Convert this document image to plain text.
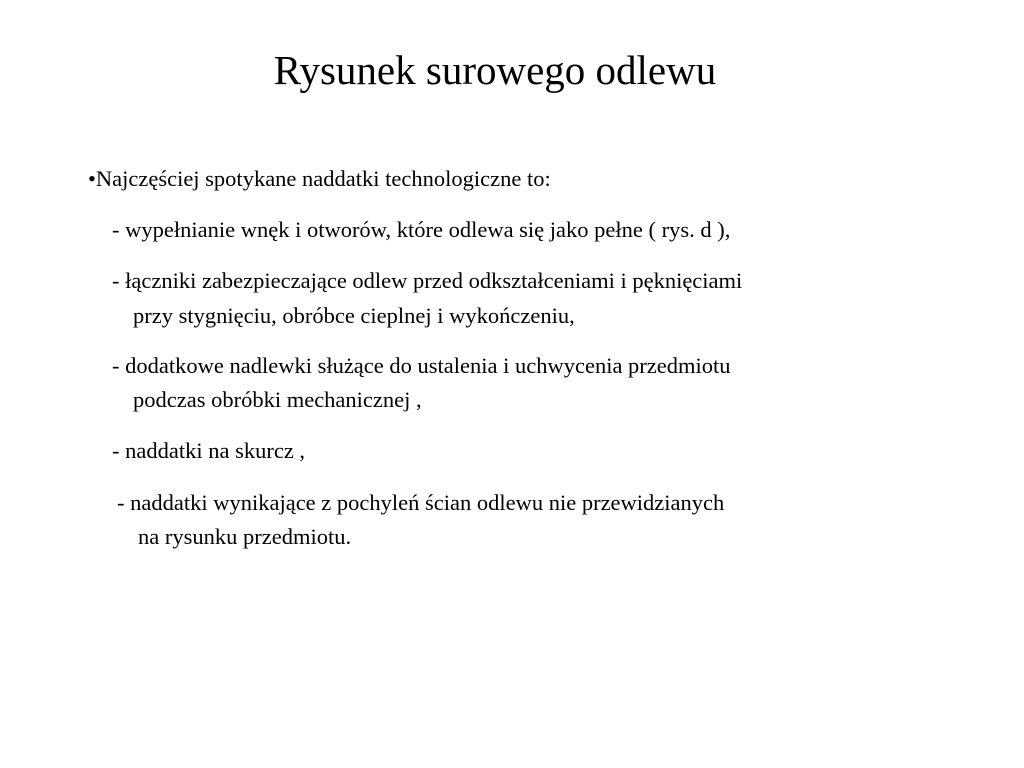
Rysunek surowego odlewu
•Najczęściej spotykane naddatki technologiczne to:
- wypełnianie wnęk i otworów, które odlewa się jako pełne ( rys. d ),
- łączniki zabezpieczające odlew przed odkształceniami i pęknięciami
przy stygnięciu, obróbce cieplnej i wykończeniu,
- dodatkowe nadlewki służące do ustalenia i uchwycenia przedmiotu
podczas obróbki mechanicznej ,
- naddatki na skurcz ,
- naddatki wynikające z pochyleń ścian odlewu nie przewidzianych
na rysunku przedmiotu.
